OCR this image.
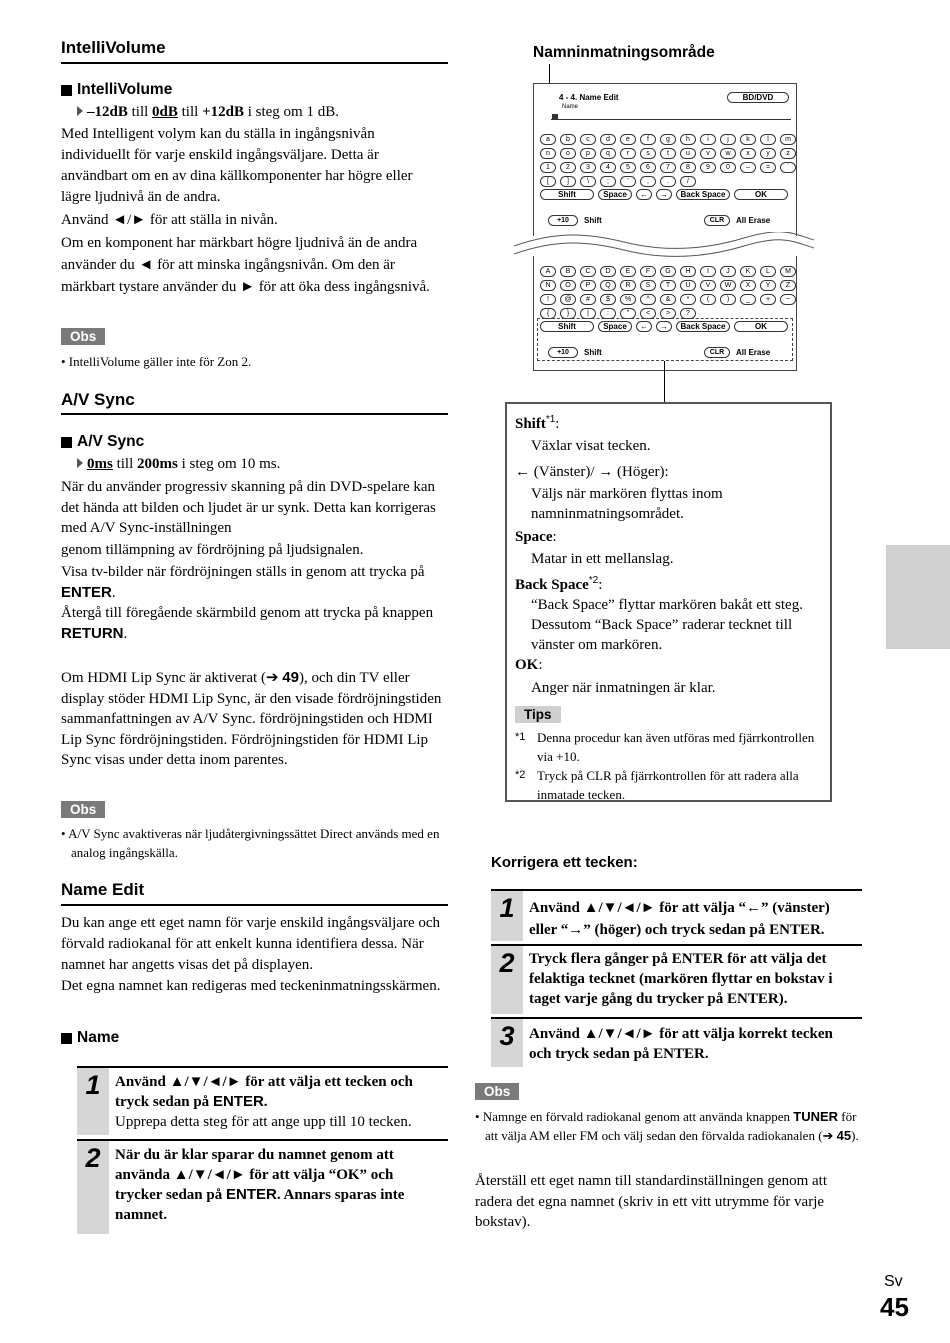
IntelliVolume
IntelliVolume
–12dB till 0dB till +12dB i steg om 1 dB.
Med Intelligent volym kan du ställa in ingångsnivån individuellt för varje enskild ingångsväljare. Detta är användbart om en av dina källkomponenter har högre eller lägre ljudnivå än de andra.
Använd ◄/► för att ställa in nivån.
Om en komponent har märkbart högre ljudnivå än de andra använder du ◄ för att minska ingångsnivån. Om den är märkbart tystare använder du ► för att öka dess ingångsnivå.
Obs
• IntelliVolume gäller inte för Zon 2.
A/V Sync
A/V Sync
0ms till 200ms i steg om 10 ms.
När du använder progressiv skanning på din DVD-spelare kan det hända att bilden och ljudet är ur synk. Detta kan korrigeras med A/V Sync-inställningen
genom tillämpning av fördröjning på ljudsignalen.
Visa tv-bilder när fördröjningen ställs in genom att trycka på ENTER.
Återgå till föregående skärmbild genom att trycka på knappen RETURN.
Om HDMI Lip Sync är aktiverat (➔ 49), och din TV eller display stöder HDMI Lip Sync, är den visade fördröjningstiden sammanfattningen av A/V Sync. fördröjningstiden och HDMI Lip Sync fördröjningstiden. Fördröjningstiden för HDMI Lip Sync visas under detta inom parentes.
Obs
• A/V Sync avaktiveras när ljudåtergivningssättet Direct används med en analog ingångskälla.
Name Edit
Du kan ange ett eget namn för varje enskild ingångsväljare och förvald radiokanal för att enkelt kunna identifiera dessa. När namnet har angetts visas det på displayen.
Det egna namnet kan redigeras med teckeninmatningsskärmen.
Name
1 Använd ▲/▼/◄/► för att välja ett tecken och tryck sedan på ENTER.
Upprepa detta steg för att ange upp till 10 tecken.
2 När du är klar sparar du namnet genom att använda ▲/▼/◄/► för att välja “OK” och trycker sedan på ENTER. Annars sparas inte namnet.
Namninmatningsområde
4 - 4. Name Edit
Name
BD/DVD
a	b	c	d	e	f	g	h	i	j	k	l	m
n	o	p	q	r	s	t	u	v	w	x	y	z
1	2	3	4	5	6	7	8	9	0	–	=	`
[	]	\	;	'	,	.	/
Shift	Space	←	→	Back Space	OK
+10	Shift	CLR	All Erase
A	B	C	D	E	F	G	H	I	J	K	L	M
N	O	P	Q	R	S	T	U	V	W	X	Y	Z
!	@	#	$	%	^	&	*	(	)	_	+	~
{	}	|	:	"	<	>	?
Shift	Space	←	→	Back Space	OK
+10	Shift	CLR	All Erase
Shift$^{*1}$:
Växlar visat tecken.
← (Vänster)/ → (Höger):
Väljs när markören flyttas inom namninmatningsområdet.
Space:
Matar in ett mellanslag.
Back Space$^{*2}$:
“Back Space” flyttar markören bakåt ett steg. Dessutom “Back Space” raderar tecknet till vänster om markören.
OK:
Anger när inmatningen är klar.
Tips
*1 Denna procedur kan även utföras med fjärrkontrollen via +10.
*2 Tryck på CLR på fjärrkontrollen för att radera alla inmatade tecken.
Korrigera ett tecken:
1 Använd ▲/▼/◄/► för att välja “←” (vänster) eller “→” (höger) och tryck sedan på ENTER.
2 Tryck flera gånger på ENTER för att välja det felaktiga tecknet (markören flyttar en bokstav i taget varje gång du trycker på ENTER).
3 Använd ▲/▼/◄/► för att välja korrekt tecken och tryck sedan på ENTER.
Obs
• Namnge en förvald radiokanal genom att använda knappen TUNER för att välja AM eller FM och välj sedan den förvalda radiokanalen (➔ 45).
Återställ ett eget namn till standardinställningen genom att radera det egna namnet (skriv in ett vitt utrymme för varje bokstav).
Sv
45
